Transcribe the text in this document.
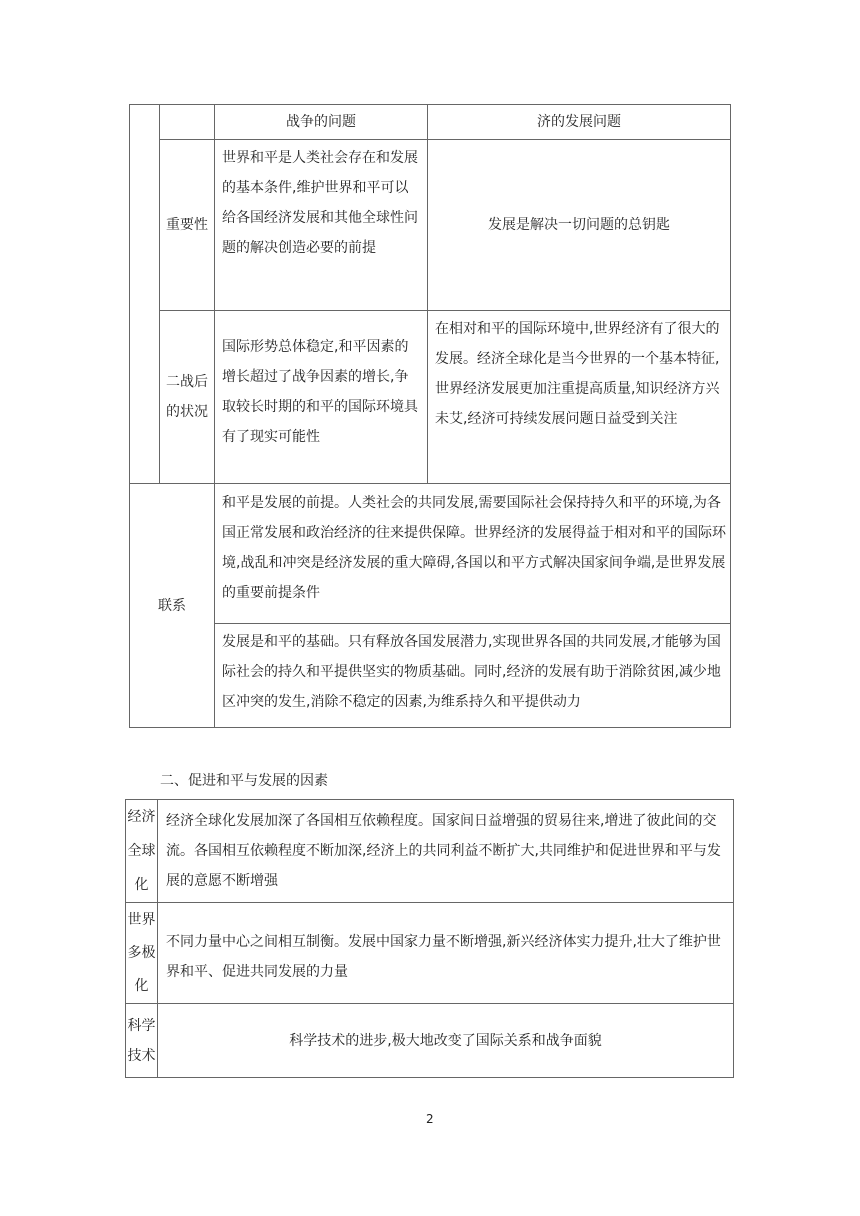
战争的问题	济的发展问题
重要性
世界和平是人类社会存在和发展的基本条件,维护世界和平可以给各国经济发展和其他全球性问题的解决创造必要的前提
发展是解决一切问题的总钥匙
二战后的状况
国际形势总体稳定,和平因素的增长超过了战争因素的增长,争取较长时期的和平的国际环境具有了现实可能性
在相对和平的国际环境中,世界经济有了很大的发展。经济全球化是当今世界的一个基本特征,世界经济发展更加注重提高质量,知识经济方兴未艾,经济可持续发展问题日益受到关注
联系
和平是发展的前提。人类社会的共同发展,需要国际社会保持持久和平的环境,为各国正常发展和政治经济的往来提供保障。世界经济的发展得益于相对和平的国际环境,战乱和冲突是经济发展的重大障碍,各国以和平方式解决国家间争端,是世界发展的重要前提条件
发展是和平的基础。只有释放各国发展潜力,实现世界各国的共同发展,才能够为国际社会的持久和平提供坚实的物质基础。同时,经济的发展有助于消除贫困,减少地区冲突的发生,消除不稳定的因素,为维系持久和平提供动力
二、促进和平与发展的因素
经济全球化
经济全球化发展加深了各国相互依赖程度。国家间日益增强的贸易往来,增进了彼此间的交流。各国相互依赖程度不断加深,经济上的共同利益不断扩大,共同维护和促进世界和平与发展的意愿不断增强
世界多极化
不同力量中心之间相互制衡。发展中国家力量不断增强,新兴经济体实力提升,壮大了维护世界和平、促进共同发展的力量
科学技术
科学技术的进步,极大地改变了国际关系和战争面貌
2
